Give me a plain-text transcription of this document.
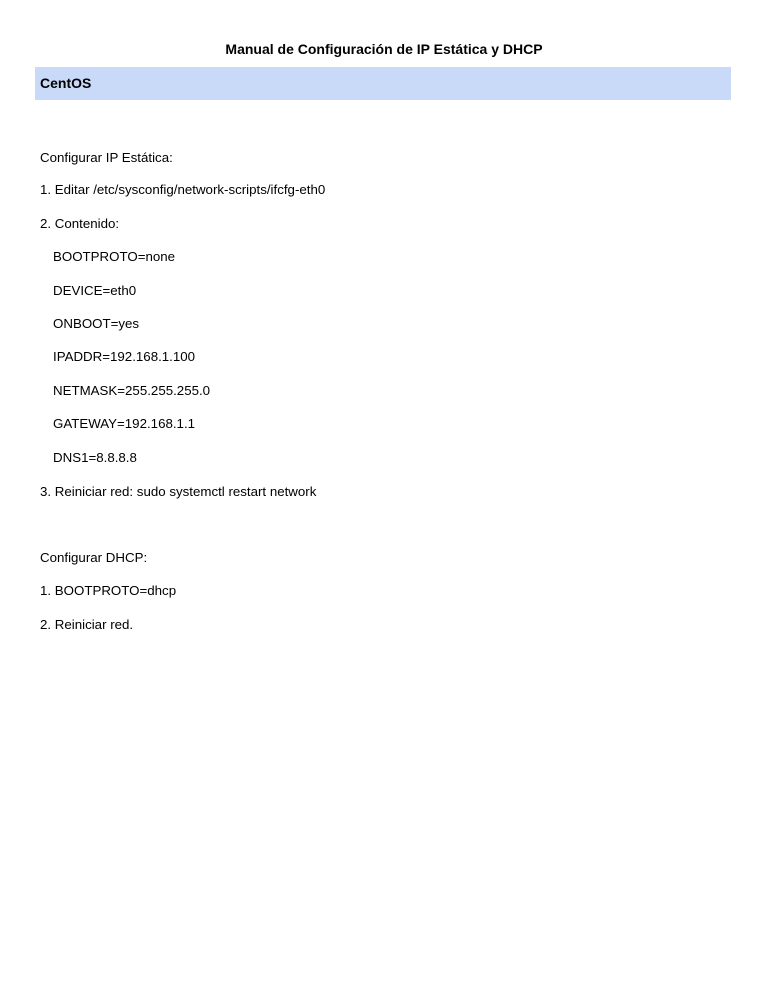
Manual de Configuración de IP Estática y DHCP
CentOS
Configurar IP Estática:
1. Editar /etc/sysconfig/network-scripts/ifcfg-eth0
2. Contenido:
BOOTPROTO=none
DEVICE=eth0
ONBOOT=yes
IPADDR=192.168.1.100
NETMASK=255.255.255.0
GATEWAY=192.168.1.1
DNS1=8.8.8.8
3. Reiniciar red: sudo systemctl restart network
Configurar DHCP:
1. BOOTPROTO=dhcp
2. Reiniciar red.
